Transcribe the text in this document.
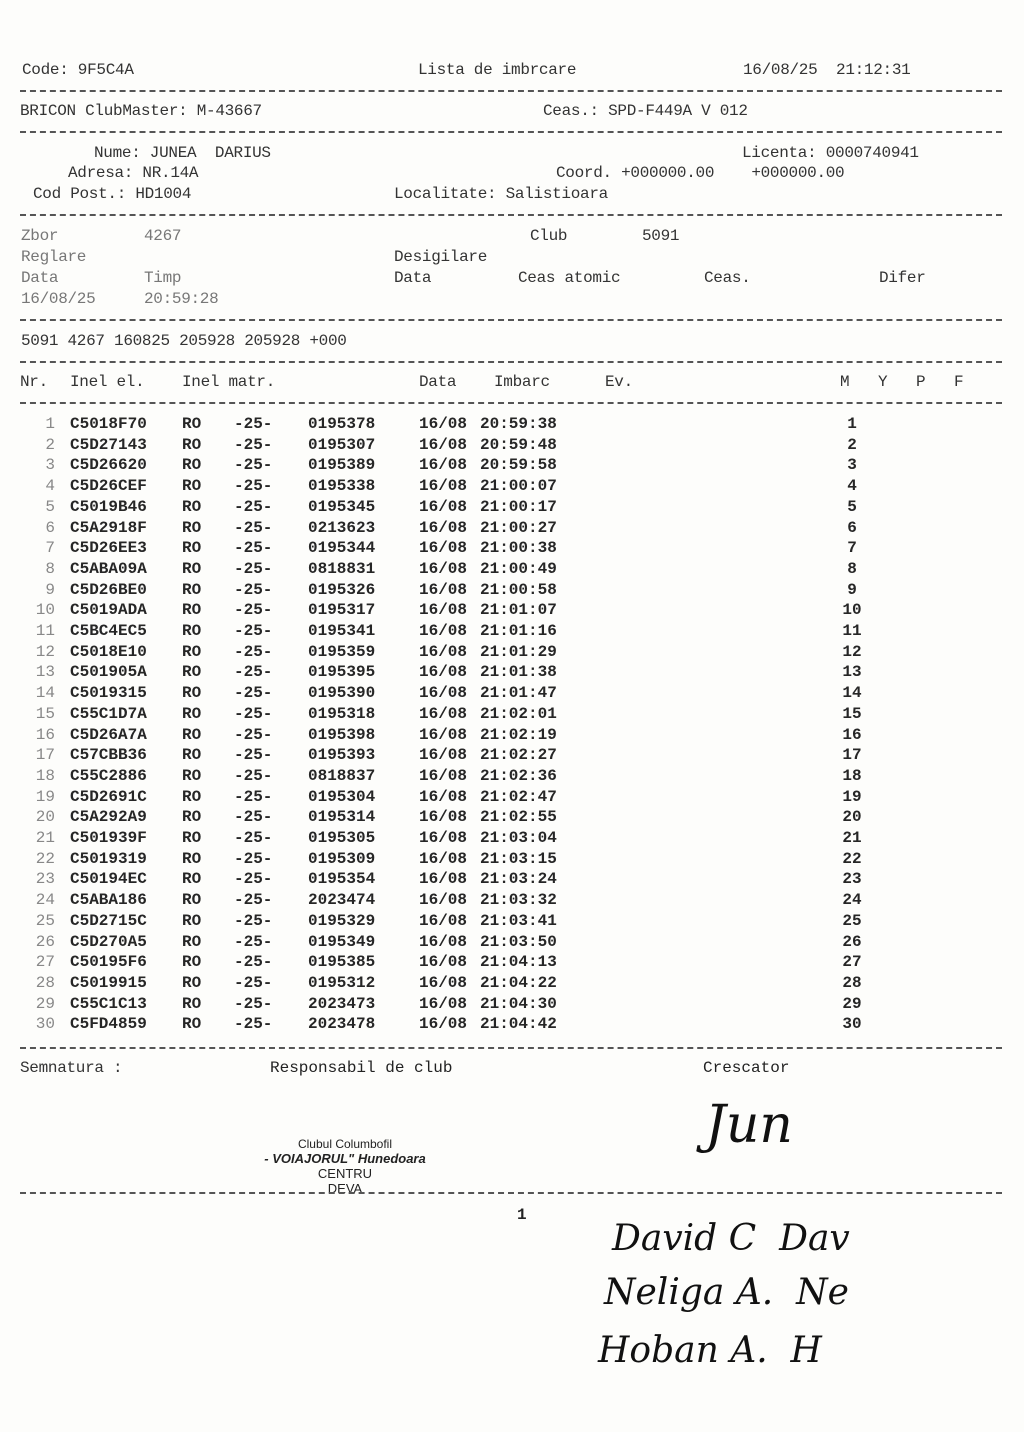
Code: 9F5C4A	Lista de imbrcare	16/08/25  21:12:31
BRICON ClubMaster: M-43667	Ceas.: SPD-F449A V 012
Nume: JUNEA  DARIUS	Licenta: 0000740941
Adresa: NR.14A	Coord. +000000.00    +000000.00
Cod Post.: HD1004	Localitate: Salistioara
Zbor	4267	Club	5091
Reglare	Desigilare
Data	Timp	Data	Ceas atomic	Ceas.	Difer
16/08/25	20:59:28
5091 4267 160825 205928 205928 +000
Nr. Inel el. Inel matr.	Data Imbarc	Ev.	M Y P F
1 C5018F70 RO -25- 0195378	16/08 20:59:38	1
2 C5D27143 RO -25- 0195307	16/08 20:59:48	2
3 C5D26620 RO -25- 0195389	16/08 20:59:58	3
4 C5D26CEF RO -25- 0195338	16/08 21:00:07	4
5 C5019B46 RO -25- 0195345	16/08 21:00:17	5
6 C5A2918F RO -25- 0213623	16/08 21:00:27	6
7 C5D26EE3 RO -25- 0195344	16/08 21:00:38	7
8 C5ABA09A RO -25- 0818831	16/08 21:00:49	8
9 C5D26BE0 RO -25- 0195326	16/08 21:00:58	9
10 C5019ADA RO -25- 0195317	16/08 21:01:07	10
11 C5BC4EC5 RO -25- 0195341	16/08 21:01:16	11
12 C5018E10 RO -25- 0195359	16/08 21:01:29	12
13 C501905A RO -25- 0195395	16/08 21:01:38	13
14 C5019315 RO -25- 0195390	16/08 21:01:47	14
15 C55C1D7A RO -25- 0195318	16/08 21:02:01	15
16 C5D26A7A RO -25- 0195398	16/08 21:02:19	16
17 C57CBB36 RO -25- 0195393	16/08 21:02:27	17
18 C55C2886 RO -25- 0818837	16/08 21:02:36	18
19 C5D2691C RO -25- 0195304	16/08 21:02:47	19
20 C5A292A9 RO -25- 0195314	16/08 21:02:55	20
21 C501939F RO -25- 0195305	16/08 21:03:04	21
22 C5019319 RO -25- 0195309	16/08 21:03:15	22
23 C50194EC RO -25- 0195354	16/08 21:03:24	23
24 C5ABA186 RO -25- 2023474	16/08 21:03:32	24
25 C5D2715C RO -25- 0195329	16/08 21:03:41	25
26 C5D270A5 RO -25- 0195349	16/08 21:03:50	26
27 C50195F6 RO -25- 0195385	16/08 21:04:13	27
28 C5019915 RO -25- 0195312	16/08 21:04:22	28
29 C55C1C13 RO -25- 2023473	16/08 21:04:30	29
30 C5FD4859 RO -25- 2023478	16/08 21:04:42	30
Semnatura :	Responsabil de club	Crescator
Jun
Clubul Columbofil
- VOIAJORUL" Hunedoara
CENTRU
DEVA
1
David C  Dav
Neligа A.  Ne
Hoban A.  H
